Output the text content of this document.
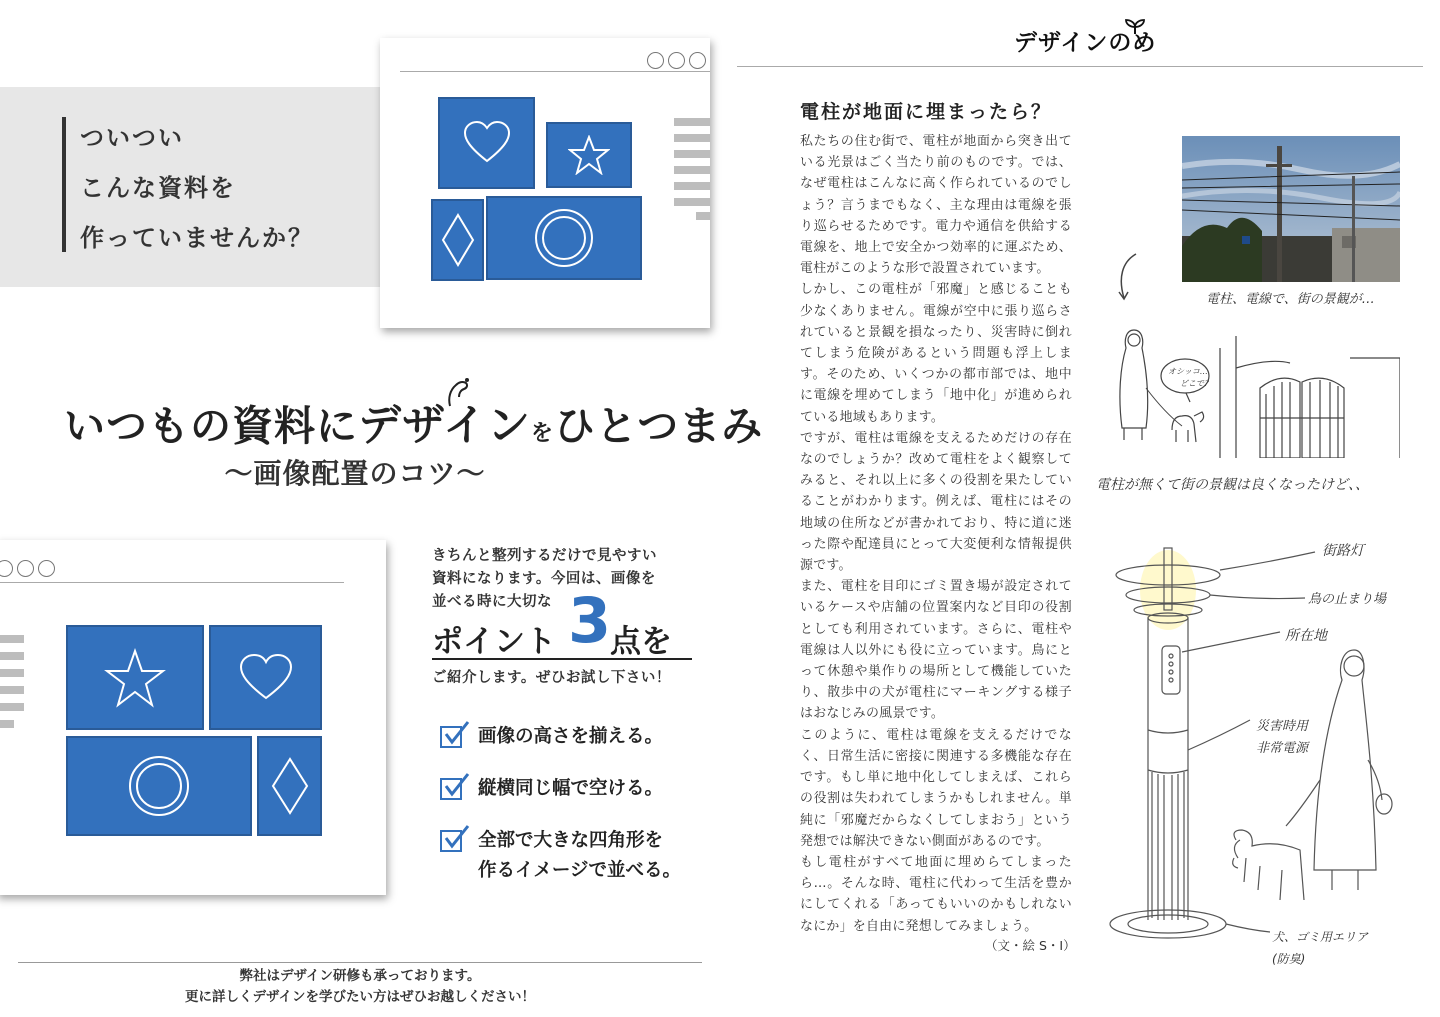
ついつい
こんな資料を
作っていませんか？
いつもの資料にデザインをひとつまみ
〜画像配置のコツ〜
きちんと整列するだけで見やすい
資料になります。今回は、画像を
並べる時に大切な
ポイント 3
点を
ご紹介します。ぜひお試し下さい！
画像の高さを揃える。
縦横同じ幅で空ける。
全部で大きな四角形を
作るイメージで並べる。
弊社はデザイン研修も承っております。
更に詳しくデザインを学びたい方はぜひお越しください！
デザインのめ
電柱が地面に埋まったら？

私たちの住む街で、電柱が地面から突き出ている光景はごく当たり前のものです。では、なぜ電柱はこんなに高く作られているのでしょう？言うまでもなく、主な理由は電線を張り巡らせるためです。電力や通信を供給する電線を、地上で安全かつ効率的に運ぶため、電柱がこのような形で設置されています。

しかし、この電柱が「邪魔」と感じることも少なくありません。電線が空中に張り巡らされていると景観を損なったり、災害時に倒れてしまう危険があるという問題も浮上します。そのため、いくつかの都市部では、地中に電線を埋めてしまう「地中化」が進められている地域もあります。

ですが、電柱は電線を支えるためだけの存在なのでしょうか？改めて電柱をよく観察してみると、それ以上に多くの役割を果たしていることがわかります。例えば、電柱にはその地域の住所などが書かれており、特に道に迷った際や配達員にとって大変便利な情報提供源です。

また、電柱を目印にゴミ置き場が設定されているケースや店舗の位置案内など目印の役割としても利用されています。さらに、電柱や電線は人以外にも役に立っています。鳥にとって休憩や巣作りの場所として機能していたり、散歩中の犬が電柱にマーキングする様子はおなじみの風景です。

このように、電柱は電線を支えるだけでなく、日常生活に密接に関連する多機能な存在です。もし単に地中化してしまえば、これらの役割は失われてしまうかもしれません。単純に「邪魔だからなくしてしまおう」という発想では解決できない側面があるのです。

もし電柱がすべて地面に埋めらてしまったら…。そんな時、電柱に代わって生活を豊かにしてくれる「あってもいいのかもしれないなにか」を自由に発想してみましょう。

（文・絵 S・I）
電柱、電線で、街の景観が…
オシッコ…
どこで？
電柱が無くて街の景観は良くなったけど、、
街路灯
鳥の止まり場
所在地
災害時用
非常電源
犬、ゴミ用エリア
(防臭)
